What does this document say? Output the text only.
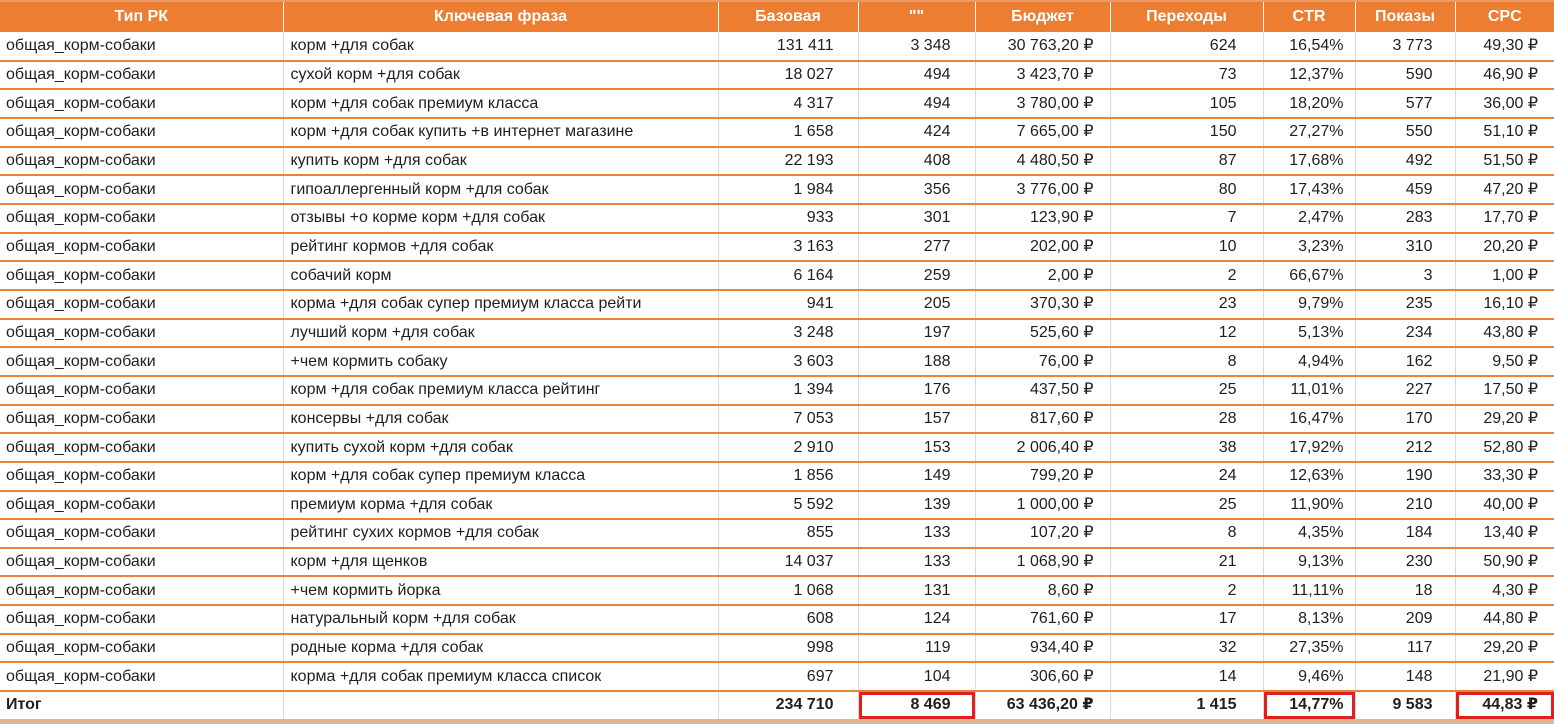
Тип РК	Ключевая фраза	Базовая	""	Бюджет	Переходы	CTR	Показы	CPC
общая_корм-собаки	корм +для собак	131 411	3 348	30 763,20 ₽	624	16,54%	3 773	49,30 ₽
общая_корм-собаки	сухой корм +для собак	18 027	494	3 423,70 ₽	73	12,37%	590	46,90 ₽
общая_корм-собаки	корм +для собак премиум класса	4 317	494	3 780,00 ₽	105	18,20%	577	36,00 ₽
общая_корм-собаки	корм +для собак купить +в интернет магазине	1 658	424	7 665,00 ₽	150	27,27%	550	51,10 ₽
общая_корм-собаки	купить корм +для собак	22 193	408	4 480,50 ₽	87	17,68%	492	51,50 ₽
общая_корм-собаки	гипоаллергенный корм +для собак	1 984	356	3 776,00 ₽	80	17,43%	459	47,20 ₽
общая_корм-собаки	отзывы +о корме корм +для собак	933	301	123,90 ₽	7	2,47%	283	17,70 ₽
общая_корм-собаки	рейтинг кормов +для собак	3 163	277	202,00 ₽	10	3,23%	310	20,20 ₽
общая_корм-собаки	собачий корм	6 164	259	2,00 ₽	2	66,67%	3	1,00 ₽
общая_корм-собаки	корма +для собак супер премиум класса рейти	941	205	370,30 ₽	23	9,79%	235	16,10 ₽
общая_корм-собаки	лучший корм +для собак	3 248	197	525,60 ₽	12	5,13%	234	43,80 ₽
общая_корм-собаки	+чем кормить собаку	3 603	188	76,00 ₽	8	4,94%	162	9,50 ₽
общая_корм-собаки	корм +для собак премиум класса рейтинг	1 394	176	437,50 ₽	25	11,01%	227	17,50 ₽
общая_корм-собаки	консервы +для собак	7 053	157	817,60 ₽	28	16,47%	170	29,20 ₽
общая_корм-собаки	купить сухой корм +для собак	2 910	153	2 006,40 ₽	38	17,92%	212	52,80 ₽
общая_корм-собаки	корм +для собак супер премиум класса	1 856	149	799,20 ₽	24	12,63%	190	33,30 ₽
общая_корм-собаки	премиум корма +для собак	5 592	139	1 000,00 ₽	25	11,90%	210	40,00 ₽
общая_корм-собаки	рейтинг сухих кормов +для собак	855	133	107,20 ₽	8	4,35%	184	13,40 ₽
общая_корм-собаки	корм +для щенков	14 037	133	1 068,90 ₽	21	9,13%	230	50,90 ₽
общая_корм-собаки	+чем кормить йорка	1 068	131	8,60 ₽	2	11,11%	18	4,30 ₽
общая_корм-собаки	натуральный корм +для собак	608	124	761,60 ₽	17	8,13%	209	44,80 ₽
общая_корм-собаки	родные корма +для собак	998	119	934,40 ₽	32	27,35%	117	29,20 ₽
общая_корм-собаки	корма +для собак премиум класса список	697	104	306,60 ₽	14	9,46%	148	21,90 ₽
Итог		234 710	8 469	63 436,20 ₽	1 415	14,77%	9 583	44,83 ₽
